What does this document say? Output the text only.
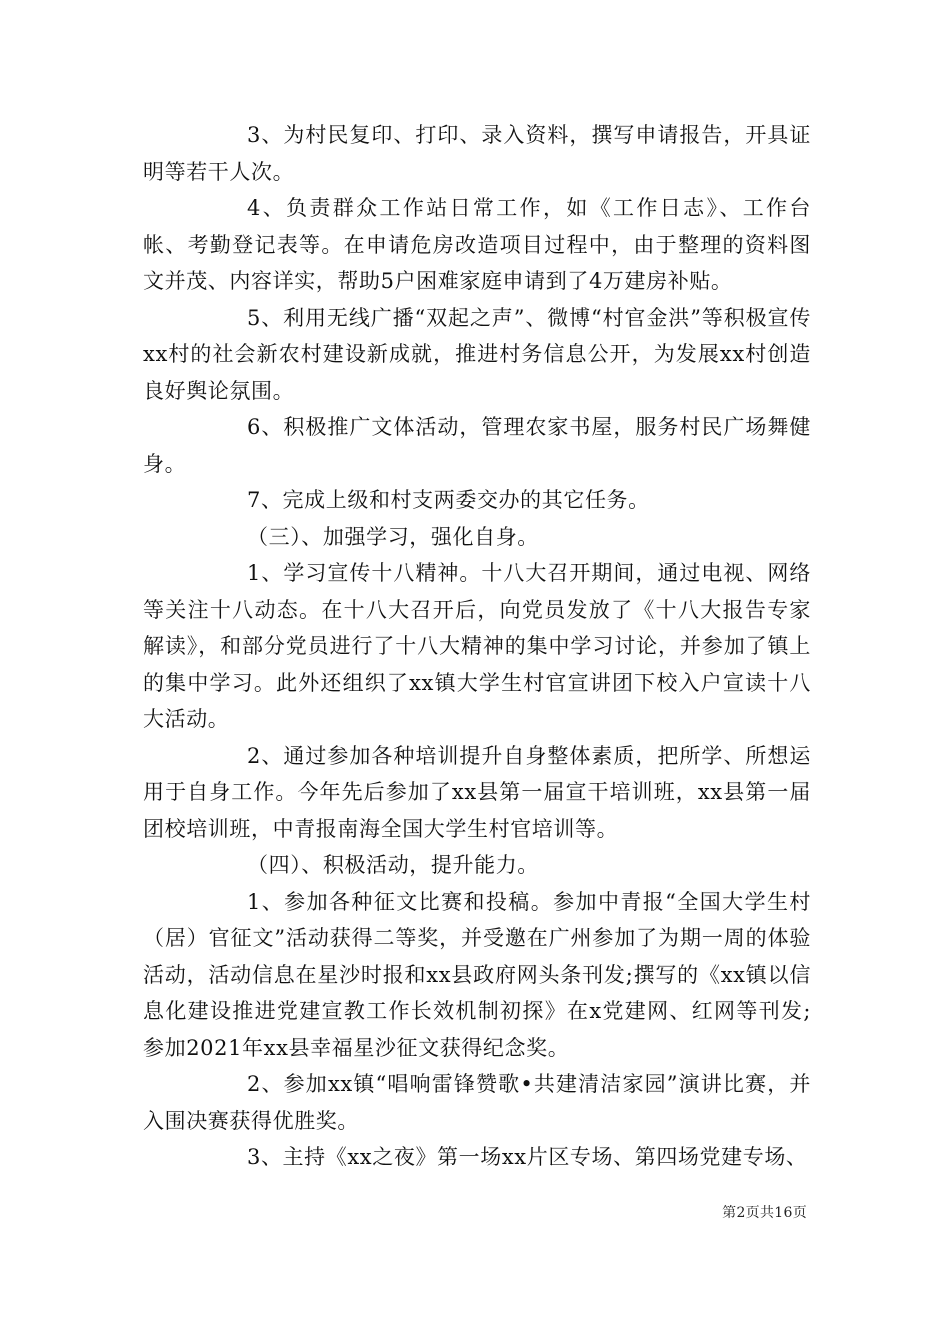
3、为村民复印、打印、录入资料，撰写申请报告，开具证明等若干人次。

4、负责群众工作站日常工作，如《工作日志》、工作台帐、考勤登记表等。在申请危房改造项目过程中，由于整理的资料图文并茂、内容详实，帮助5户困难家庭申请到了4万建房补贴。

5、利用无线广播“双起之声”、微博“村官金洪”等积极宣传xx村的社会新农村建设新成就，推进村务信息公开，为发展xx村创造良好舆论氛围。

6、积极推广文体活动，管理农家书屋，服务村民广场舞健身。

7、完成上级和村支两委交办的其它任务。

（三）、加强学习，强化自身。

1、学习宣传十八精神。十八大召开期间，通过电视、网络等关注十八动态。在十八大召开后，向党员发放了《十八大报告专家解读》，和部分党员进行了十八大精神的集中学习讨论，并参加了镇上的集中学习。此外还组织了xx镇大学生村官宣讲团下校入户宣读十八大活动。

2、通过参加各种培训提升自身整体素质，把所学、所想运用于自身工作。今年先后参加了xx县第一届宣干培训班，xx县第一届团校培训班，中青报南海全国大学生村官培训等。

（四）、积极活动，提升能力。

1、参加各种征文比赛和投稿。参加中青报“全国大学生村（居）官征文”活动获得二等奖，并受邀在广州参加了为期一周的体验活动，活动信息在星沙时报和xx县政府网头条刊发;撰写的《xx镇以信息化建设推进党建宣教工作长效机制初探》在x党建网、红网等刊发;参加2021年xx县幸福星沙征文获得纪念奖。

2、参加xx镇“唱响雷锋赞歌•共建清洁家园”演讲比赛，并入围决赛获得优胜奖。

3、主持《xx之夜》第一场xx片区专场、第四场党建专场、

第2页共16页
